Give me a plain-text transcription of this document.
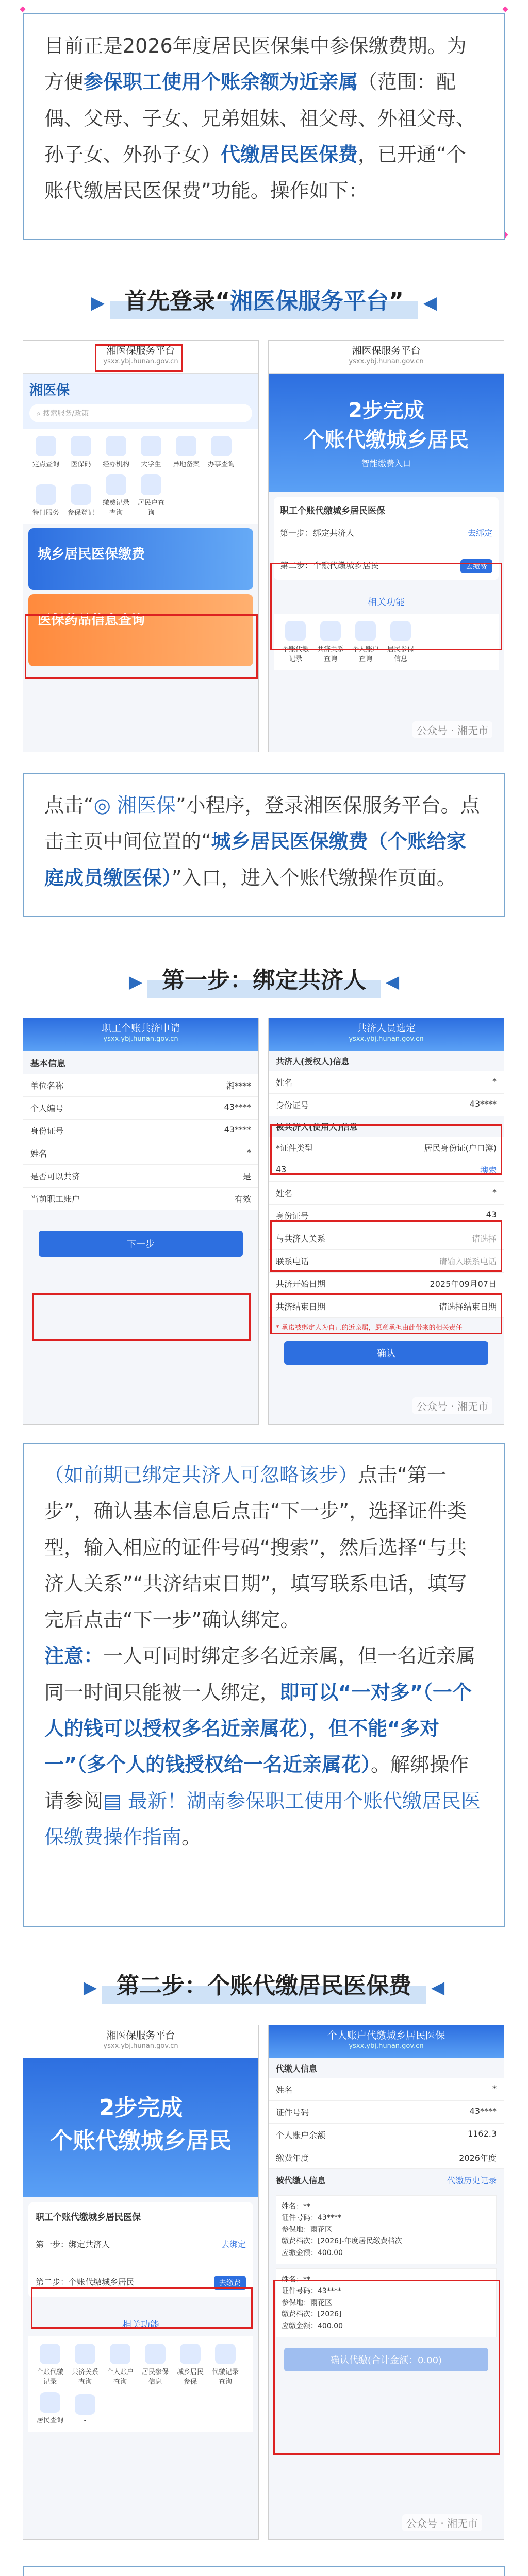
目前正是2026年度居民医保集中参保缴费期。为方便参保职工使用个账余额为近亲属（范围：配偶、父母、子女、兄弟姐妹、祖父母、外祖父母、孙子女、外孙子女）代缴居民医保费，已开通“个账代缴居民医保费”功能。操作如下：
▶ 首先登录“湘医保服务平台” ◀
湘医保服务平台
ysxx.ybj.hunan.gov.cn
湘医保
⌕ 搜索服务/政策
定点查询 医保码 经办机构 大学生 异地备案 办事查询
特门服务 参保登记
缴费记录查询
居民户查询
城乡居民医保缴费
医保药品信息查询
湘医保服务平台
ysxx.ybj.hunan.gov.cn
2步完成
个账代缴城乡居民
智能缴费入口
职工个账代缴城乡居民医保
第一步：绑定共济人	去绑定
第二步：个账代缴城乡居民	去缴费
相关功能
个账代缴记录
共济关系查询
个人账户查询
居民参保信息
公众号 · 湘无市
点击“◎ 湘医保”小程序，登录湘医保服务平台。点击主页中间位置的“城乡居民医保缴费（个账给家庭成员缴医保）”入口，进入个账代缴操作页面。
▶ 第一步：绑定共济人 ◀
职工个账共济申请
ysxx.ybj.hunan.gov.cn
基本信息
单位名称	湘****
个人编号	43****
身份证号	43****
姓名	*
是否可以共济	是
当前职工账户	有效
下一步
共济人员选定
ysxx.ybj.hunan.gov.cn
共济人(授权人)信息
姓名	*
身份证号	43****
被共济人(使用人)信息
*证件类型	居民身份证(户口簿)
43	搜索
姓名	*
身份证号	43
与共济人关系	请选择
联系电话	请输入联系电话
共济开始日期	2025年09月07日
共济结束日期	请选择结束日期
* 承诺被绑定人为自己的近亲属，愿意承担由此带来的相关责任
确认
公众号 · 湘无市
（如前期已绑定共济人可忽略该步）点击“第一步”，确认基本信息后点击“下一步”，选择证件类型，输入相应的证件号码“搜索”，然后选择“与共济人关系”“共济结束日期”，填写联系电话，填写完后点击“下一步”确认绑定。
注意：一人可同时绑定多名近亲属，但一名近亲属同一时间只能被一人绑定，即可以“一对多”（一个人的钱可以授权多名近亲属花），但不能“多对一”（多个人的钱授权给一名近亲属花）。解绑操作请参阅▤ 最新！湖南参保职工使用个账代缴居民医保缴费操作指南。
▶ 第二步：个账代缴居民医保费 ◀
湘医保服务平台
ysxx.ybj.hunan.gov.cn
2步完成
个账代缴城乡居民
职工个账代缴城乡居民医保
第一步：绑定共济人	去绑定
第二步：个账代缴城乡居民	去缴费
相关功能
个账代缴记录
共济关系查询
个人账户查询
居民参保信息
城乡居民参保
代缴记录查询
居民查询	-
个人账户代缴城乡居民医保
ysxx.ybj.hunan.gov.cn
代缴人信息
姓名	*
证件号码	43****
个人账户余额	1162.3
缴费年度	2026年度
被代缴人信息	代缴历史记录
姓名：**
证件号码：43****
参保地：雨花区
缴费档次：[2026]-年度居民缴费档次
应缴金额：400.00
姓名：**
证件号码：43****
参保地：雨花区
缴费档次：[2026]
应缴金额：400.00
确认代缴(合计金额：0.00)
公众号 · 湘无市
